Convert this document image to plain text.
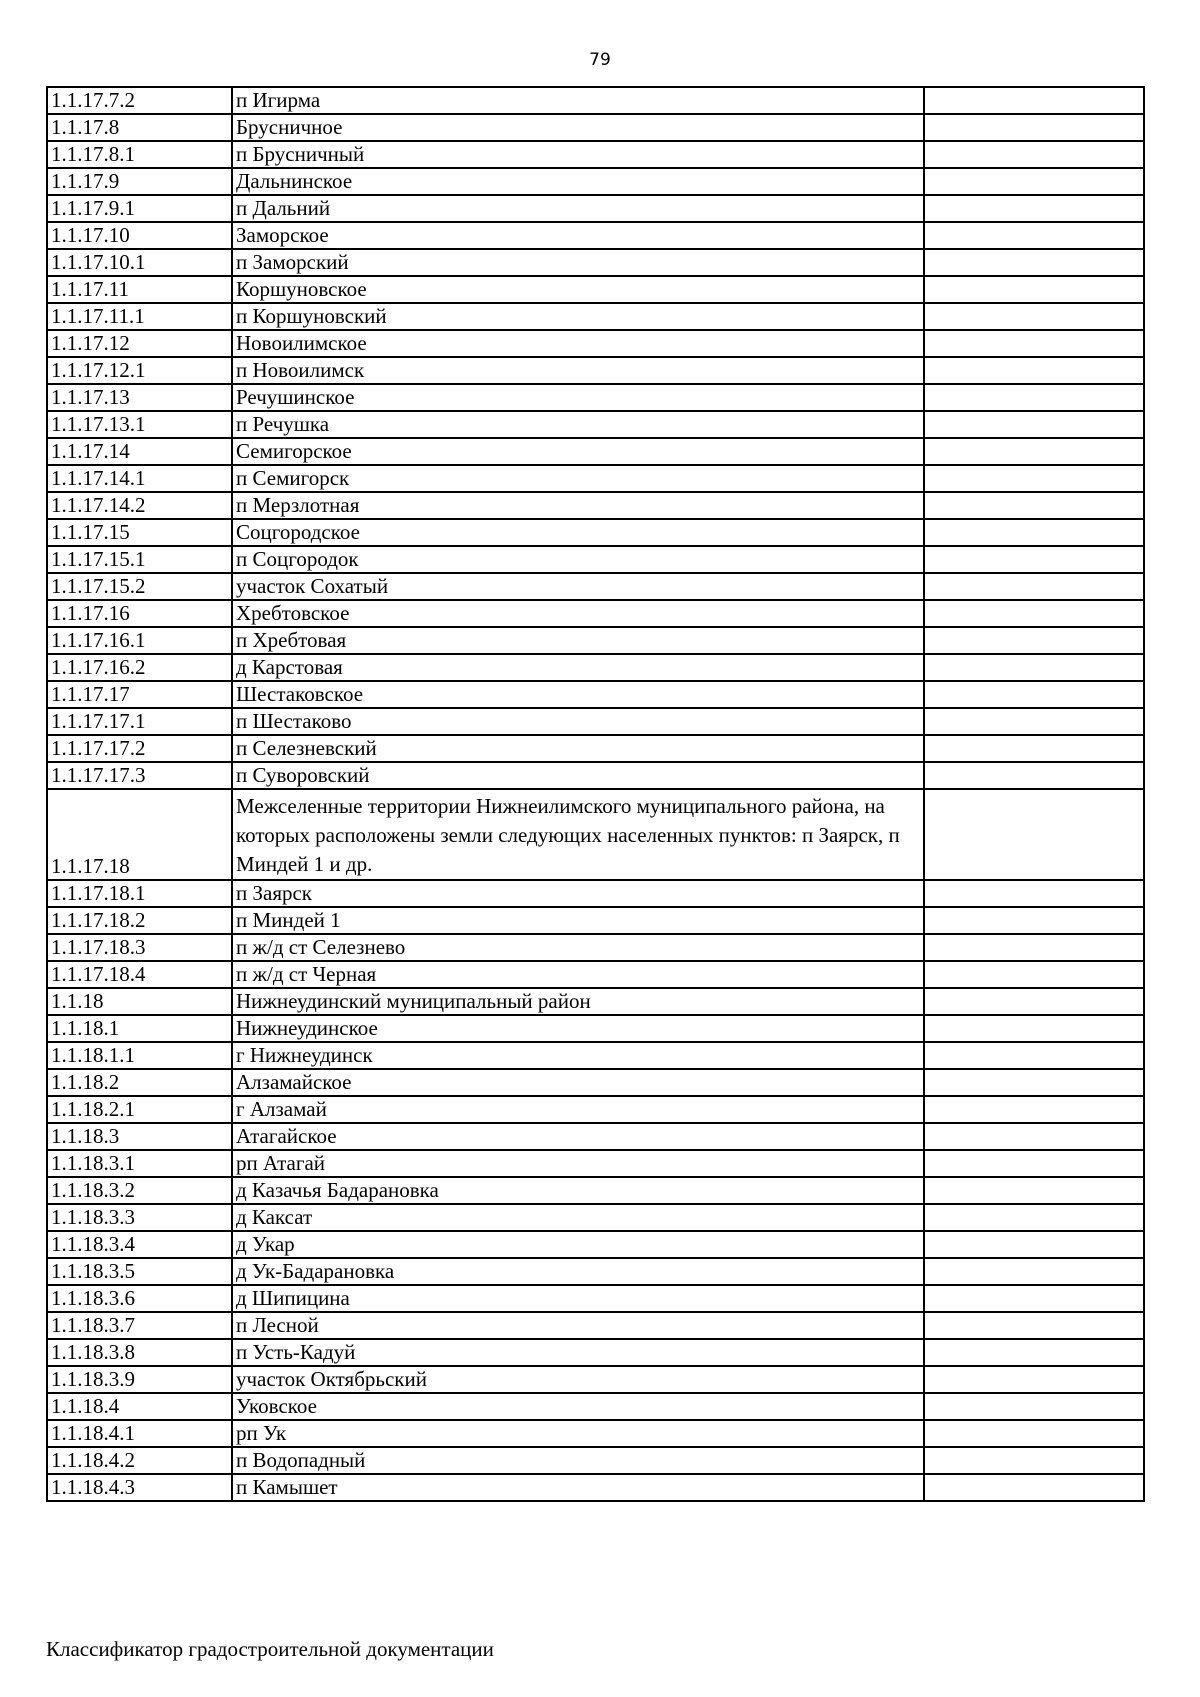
79
1.1.17.7.2	п Игирма	
1.1.17.8	Брусничное	
1.1.17.8.1	п Брусничный	
1.1.17.9	Дальнинское	
1.1.17.9.1	п Дальний	
1.1.17.10	Заморское	
1.1.17.10.1	п Заморский	
1.1.17.11	Коршуновское	
1.1.17.11.1	п Коршуновский	
1.1.17.12	Новоилимское	
1.1.17.12.1	п Новоилимск	
1.1.17.13	Речушинское	
1.1.17.13.1	п Речушка	
1.1.17.14	Семигорское	
1.1.17.14.1	п Семигорск	
1.1.17.14.2	п Мерзлотная	
1.1.17.15	Соцгородское	
1.1.17.15.1	п Соцгородок	
1.1.17.15.2	участок Сохатый	
1.1.17.16	Хребтовское	
1.1.17.16.1	п Хребтовая	
1.1.17.16.2	д Карстовая	
1.1.17.17	Шестаковское	
1.1.17.17.1	п Шестаково	
1.1.17.17.2	п Селезневский	
1.1.17.17.3	п Суворовский	
1.1.17.18	Межселенные территории Нижнеилимского муниципального района, на которых расположены земли следующих населенных пунктов: п Заярск, п Миндей 1 и др.	
1.1.17.18.1	п Заярск	
1.1.17.18.2	п Миндей 1	
1.1.17.18.3	п ж/д ст Селезнево	
1.1.17.18.4	п ж/д ст Черная	
1.1.18	Нижнеудинский муниципальный район	
1.1.18.1	Нижнеудинское	
1.1.18.1.1	г Нижнеудинск	
1.1.18.2	Алзамайское	
1.1.18.2.1	г Алзамай	
1.1.18.3	Атагайское	
1.1.18.3.1	рп Атагай	
1.1.18.3.2	д Казачья Бадарановка	
1.1.18.3.3	д Каксат	
1.1.18.3.4	д Укар	
1.1.18.3.5	д Ук-Бадарановка	
1.1.18.3.6	д Шипицина	
1.1.18.3.7	п Лесной	
1.1.18.3.8	п Усть-Кадуй	
1.1.18.3.9	участок Октябрьский	
1.1.18.4	Уковское	
1.1.18.4.1	рп Ук	
1.1.18.4.2	п Водопадный	
1.1.18.4.3	п Камышет	
Классификатор градостроительной документации
